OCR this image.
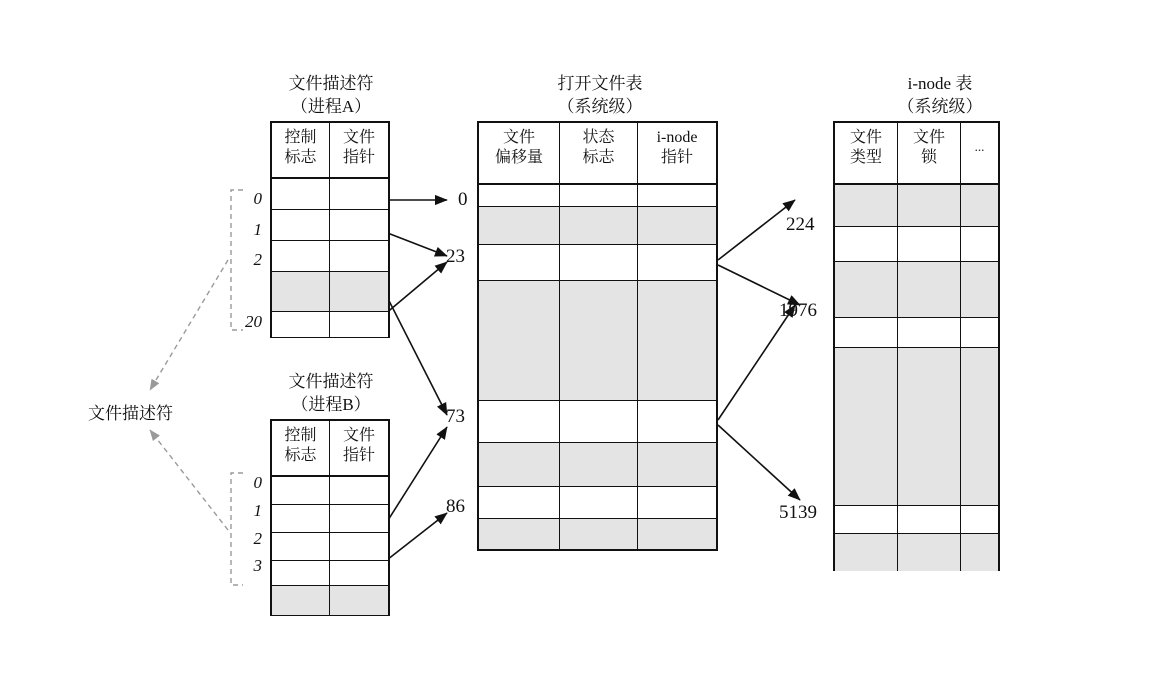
文件描述符
文件描述符
（进程A）
控制
标志
文件
指针
0
1
2
20
文件描述符
（进程B）
控制
标志
文件
指针
0
1
2
3
打开文件表
（系统级）
文件
偏移量
状态
标志
i-node
指针
0
23
73
86
i-node 表
（系统级）
文件
类型
文件
锁
...
224
1976
5139
